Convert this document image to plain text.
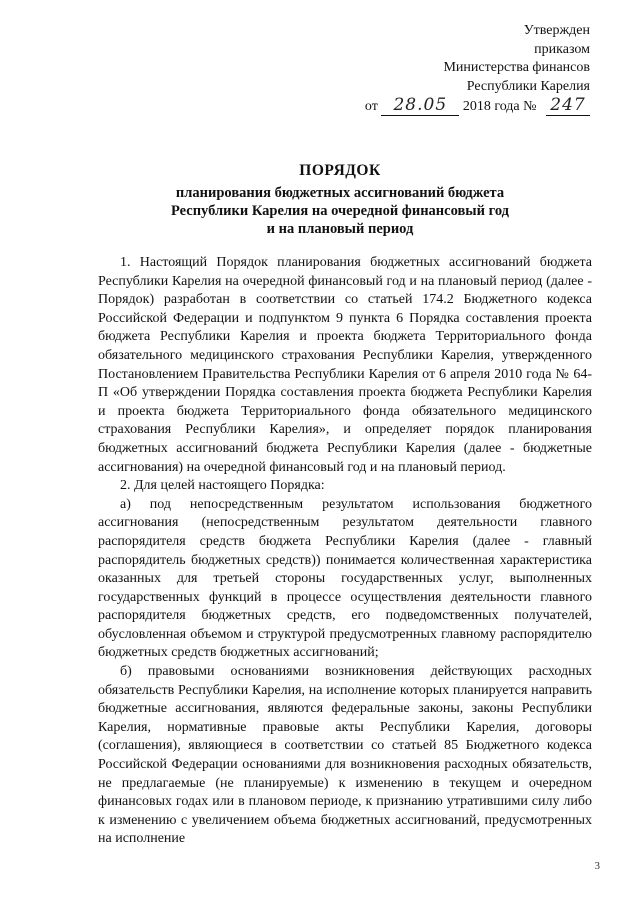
Утвержден
приказом
Министерства финансов
Республики Карелия
от 28.05 2018 года № 247
ПОРЯДОК
планирования бюджетных ассигнований бюджета
Республики Карелия на очередной финансовый год
и на плановый период

1. Настоящий Порядок планирования бюджетных ассигнований бюджета Республики Карелия на очередной финансовый год и на плановый период (далее - Порядок) разработан в соответствии со статьей 174.2 Бюджетного кодекса Российской Федерации и подпунктом 9 пункта 6 Порядка составления проекта бюджета Республики Карелия и проекта бюджета Территориального фонда обязательного медицинского страхования Республики Карелия, утвержденного Постановлением Правительства Республики Карелия от 6 апреля 2010 года № 64-П «Об утверждении Порядка составления проекта бюджета Республики Карелия и проекта бюджета Территориального фонда обязательного медицинского страхования Республики Карелия», и определяет порядок планирования бюджетных ассигнований бюджета Республики Карелия (далее - бюджетные ассигнования) на очередной финансовый год и на плановый период.

2. Для целей настоящего Порядка:

а) под непосредственным результатом использования бюджетного ассигнования (непосредственным результатом деятельности главного распорядителя средств бюджета Республики Карелия (далее - главный распорядитель бюджетных средств)) понимается количественная характеристика оказанных для третьей стороны государственных услуг, выполненных государственных функций в процессе осуществления деятельности главного распорядителя бюджетных средств, его подведомственных получателей, обусловленная объемом и структурой предусмотренных главному распорядителю бюджетных средств бюджетных ассигнований;

б) правовыми основаниями возникновения действующих расходных обязательств Республики Карелия, на исполнение которых планируется направить бюджетные ассигнования, являются федеральные законы, законы Республики Карелия, нормативные правовые акты Республики Карелия, договоры (соглашения), являющиеся в соответствии со статьей 85 Бюджетного кодекса Российской Федерации основаниями для возникновения расходных обязательств, не предлагаемые (не планируемые) к изменению в текущем и очередном финансовых годах или в плановом периоде, к признанию утратившими силу либо к изменению с увеличением объема бюджетных ассигнований, предусмотренных на исполнение

3
